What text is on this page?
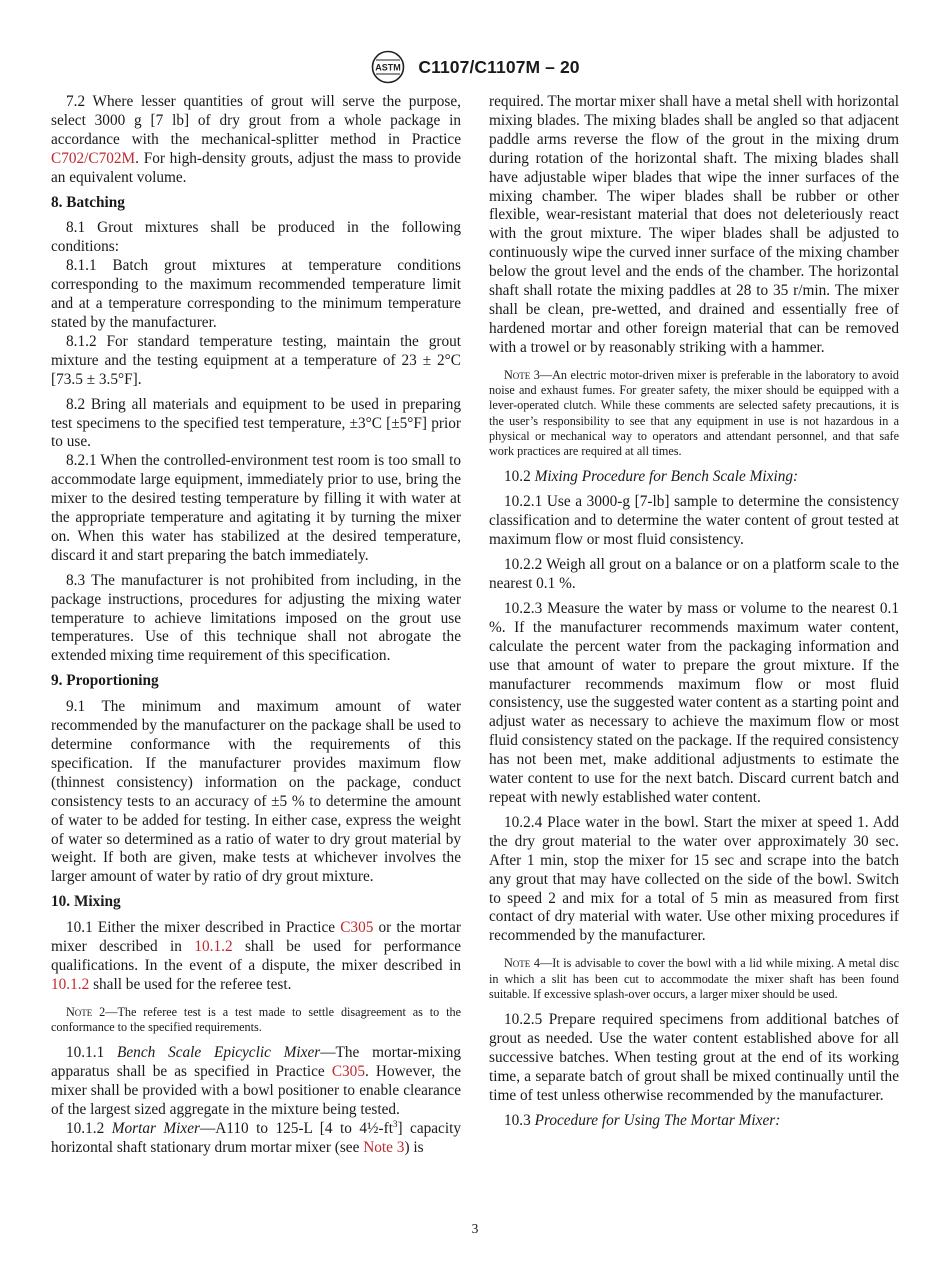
ASTM C1107/C1107M – 20

7.2 Where lesser quantities of grout will serve the purpose, select 3000 g [7 lb] of dry grout from a whole package in accordance with the mechanical-splitter method in Practice C702/C702M. For high-density grouts, adjust the mass to provide an equivalent volume.

8. Batching

8.1 Grout mixtures shall be produced in the following conditions:

8.1.1 Batch grout mixtures at temperature conditions corresponding to the maximum recommended temperature limit and at a temperature corresponding to the minimum temperature stated by the manufacturer.

8.1.2 For standard temperature testing, maintain the grout mixture and the testing equipment at a temperature of 23 ± 2°C [73.5 ± 3.5°F].

8.2 Bring all materials and equipment to be used in preparing test specimens to the specified test temperature, ±3°C [±5°F] prior to use.

8.2.1 When the controlled-environment test room is too small to accommodate large equipment, immediately prior to use, bring the mixer to the desired testing temperature by filling it with water at the appropriate temperature and agitating it by turning the mixer on. When this water has stabilized at the desired temperature, discard it and start preparing the batch immediately.

8.3 The manufacturer is not prohibited from including, in the package instructions, procedures for adjusting the mixing water temperature to achieve limitations imposed on the grout use temperatures. Use of this technique shall not abrogate the extended mixing time requirement of this specification.

9. Proportioning

9.1 The minimum and maximum amount of water recommended by the manufacturer on the package shall be used to determine conformance with the requirements of this specification. If the manufacturer provides maximum flow (thinnest consistency) information on the package, conduct consistency tests to an accuracy of ±5 % to determine the amount of water to be added for testing. In either case, express the weight of water so determined as a ratio of water to dry grout material by weight. If both are given, make tests at whichever involves the larger amount of water by ratio of dry grout mixture.

10. Mixing

10.1 Either the mixer described in Practice C305 or the mortar mixer described in 10.1.2 shall be used for performance qualifications. In the event of a dispute, the mixer described in 10.1.2 shall be used for the referee test.

Note 2—The referee test is a test made to settle disagreement as to the conformance to the specified requirements.

10.1.1 Bench Scale Epicyclic Mixer—The mortar-mixing apparatus shall be as specified in Practice C305. However, the mixer shall be provided with a bowl positioner to enable clearance of the largest sized aggregate in the mixture being tested.

10.1.2 Mortar Mixer—A110 to 125-L [4 to $4\frac{1}{2}-ft^3$] capacity horizontal shaft stationary drum mortar mixer (see Note 3) is

required. The mortar mixer shall have a metal shell with horizontal mixing blades. The mixing blades shall be angled so that adjacent paddle arms reverse the flow of the grout in the mixing drum during rotation of the horizontal shaft. The mixing blades shall have adjustable wiper blades that wipe the inner surfaces of the mixing chamber. The wiper blades shall be rubber or other flexible, wear-resistant material that does not deleteriously react with the grout mixture. The wiper blades shall be adjusted to continuously wipe the curved inner surface of the mixing chamber below the grout level and the ends of the chamber. The horizontal shaft shall rotate the mixing paddles at 28 to 35 r/min. The mixer shall be clean, pre-wetted, and drained and essentially free of hardened mortar and other foreign material that can be removed with a trowel or by reasonably striking with a hammer.

Note 3—An electric motor-driven mixer is preferable in the laboratory to avoid noise and exhaust fumes. For greater safety, the mixer should be equipped with a lever-operated clutch. While these comments are selected safety precautions, it is the user’s responsibility to see that any equipment in use is not hazardous in a physical or mechanical way to operators and attendant personnel, and that safe work practices are required at all times.

10.2 Mixing Procedure for Bench Scale Mixing:

10.2.1 Use a 3000-g [7-lb] sample to determine the consistency classification and to determine the water content of grout tested at maximum flow or most fluid consistency.

10.2.2 Weigh all grout on a balance or on a platform scale to the nearest 0.1 %.

10.2.3 Measure the water by mass or volume to the nearest 0.1 %. If the manufacturer recommends maximum water content, calculate the percent water from the packaging information and use that amount of water to prepare the grout mixture. If the manufacturer recommends maximum flow or most fluid consistency, use the suggested water content as a starting point and adjust water as necessary to achieve the maximum flow or most fluid consistency stated on the package. If the required consistency has not been met, make additional adjustments to estimate the water content to use for the next batch. Discard current batch and repeat with newly established water content.

10.2.4 Place water in the bowl. Start the mixer at speed 1. Add the dry grout material to the water over approximately 30 sec. After 1 min, stop the mixer for 15 sec and scrape into the batch any grout that may have collected on the side of the bowl. Switch to speed 2 and mix for a total of 5 min as measured from first contact of dry material with water. Use other mixing procedures if recommended by the manufacturer.

Note 4—It is advisable to cover the bowl with a lid while mixing. A metal disc in which a slit has been cut to accommodate the mixer shaft has been found suitable. If excessive splash-over occurs, a larger mixer should be used.

10.2.5 Prepare required specimens from additional batches of grout as needed. Use the water content established above for all successive batches. When testing grout at the end of its working time, a separate batch of grout shall be mixed continually until the time of test unless otherwise recommended by the manufacturer.

10.3 Procedure for Using The Mortar Mixer:

3
